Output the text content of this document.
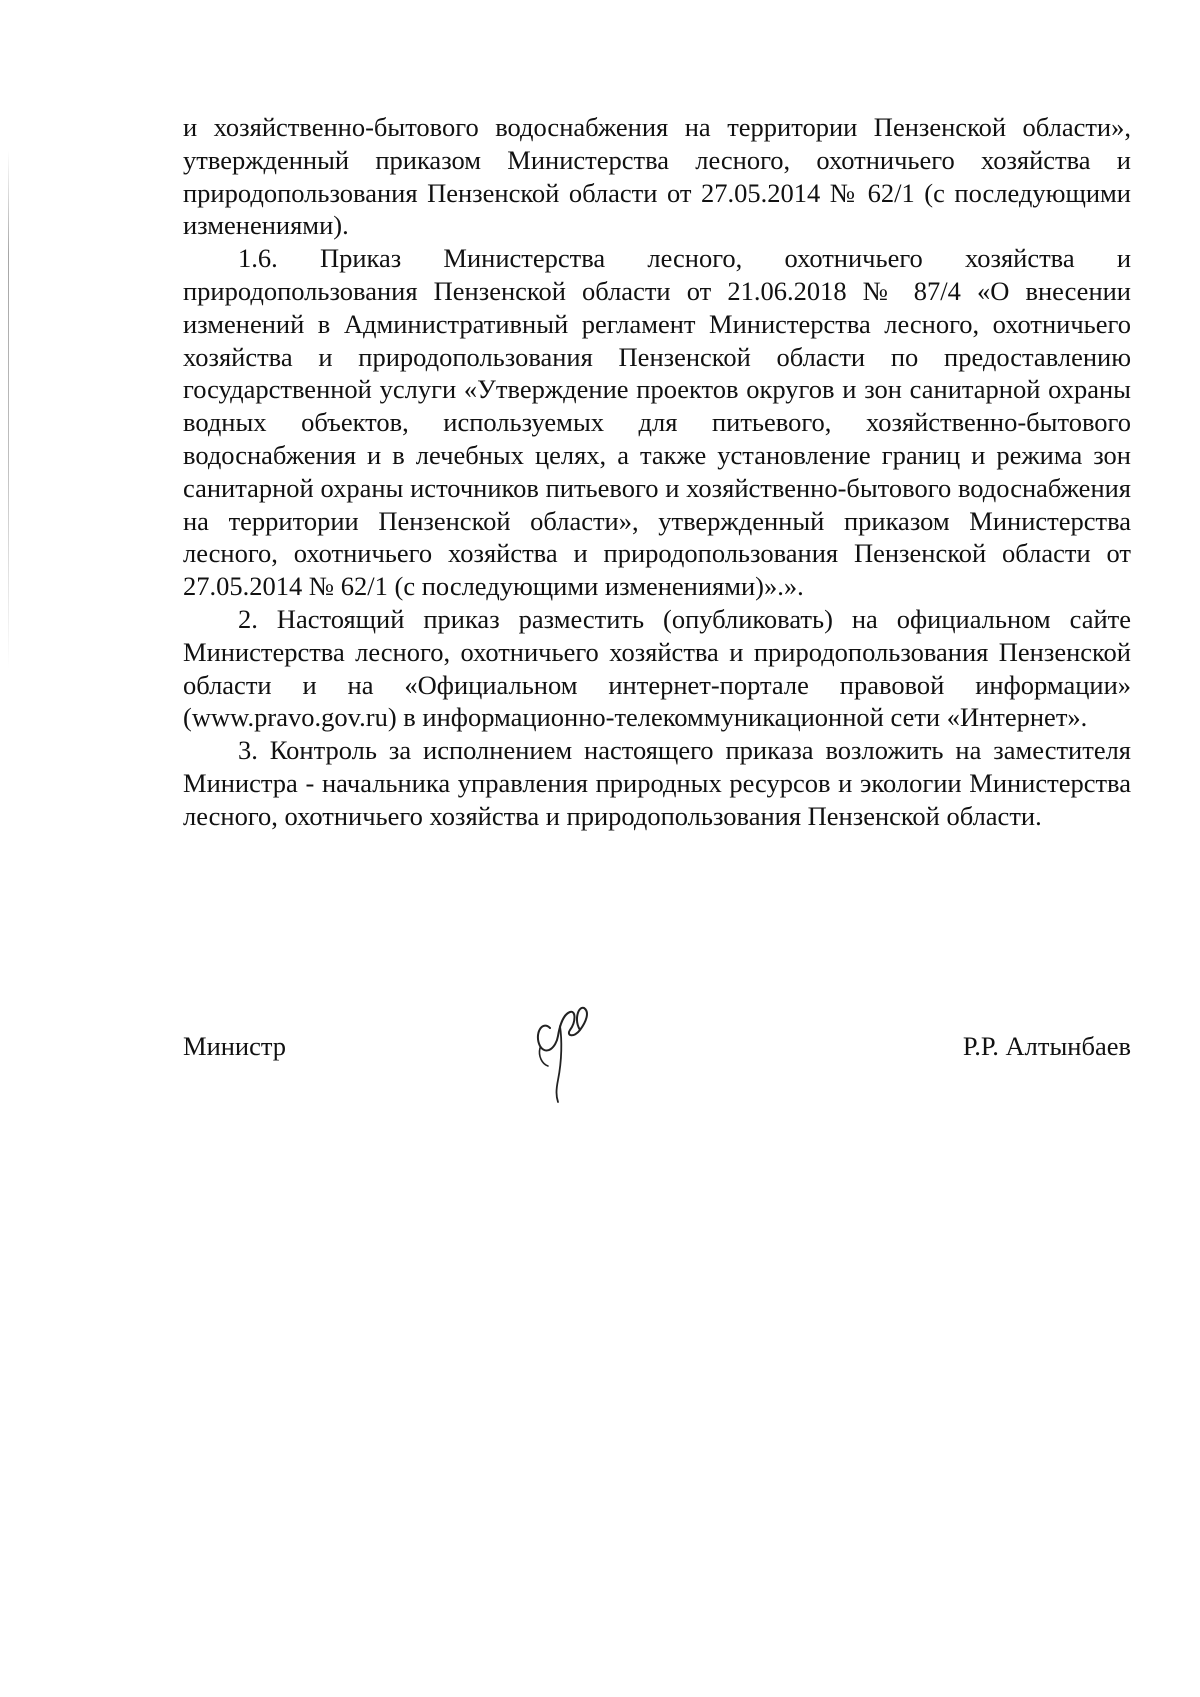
и хозяйственно-бытового водоснабжения на территории Пензенской области», утвержденный приказом Министерства лесного, охотничьего хозяйства и природопользования Пензенской области от 27.05.2014 № 62/1 (с последующими изменениями).

1.6. Приказ Министерства лесного, охотничьего хозяйства и природопользования Пензенской области от 21.06.2018 № 87/4 «О внесении изменений в Административный регламент Министерства лесного, охотничьего хозяйства и природопользования Пензенской области по предоставлению государственной услуги «Утверждение проектов округов и зон санитарной охраны водных объектов, используемых для питьевого, хозяйственно-бытового водоснабжения и в лечебных целях, а также установление границ и режима зон санитарной охраны источников питьевого и хозяйственно-бытового водоснабжения на территории Пензенской области», утвержденный приказом Министерства лесного, охотничьего хозяйства и природопользования Пензенской области от 27.05.2014 № 62/1 (с последующими изменениями)».».

2. Настоящий приказ разместить (опубликовать) на официальном сайте Министерства лесного, охотничьего хозяйства и природопользования Пензенской области и на «Официальном интернет-портале правовой информации» (www.pravo.gov.ru) в информационно-телекоммуникационной сети «Интернет».

3. Контроль за исполнением настоящего приказа возложить на заместителя Министра - начальника управления природных ресурсов и экологии Министерства лесного, охотничьего хозяйства и природопользования Пензенской области.

Министр	Р.Р. Алтынбаев
